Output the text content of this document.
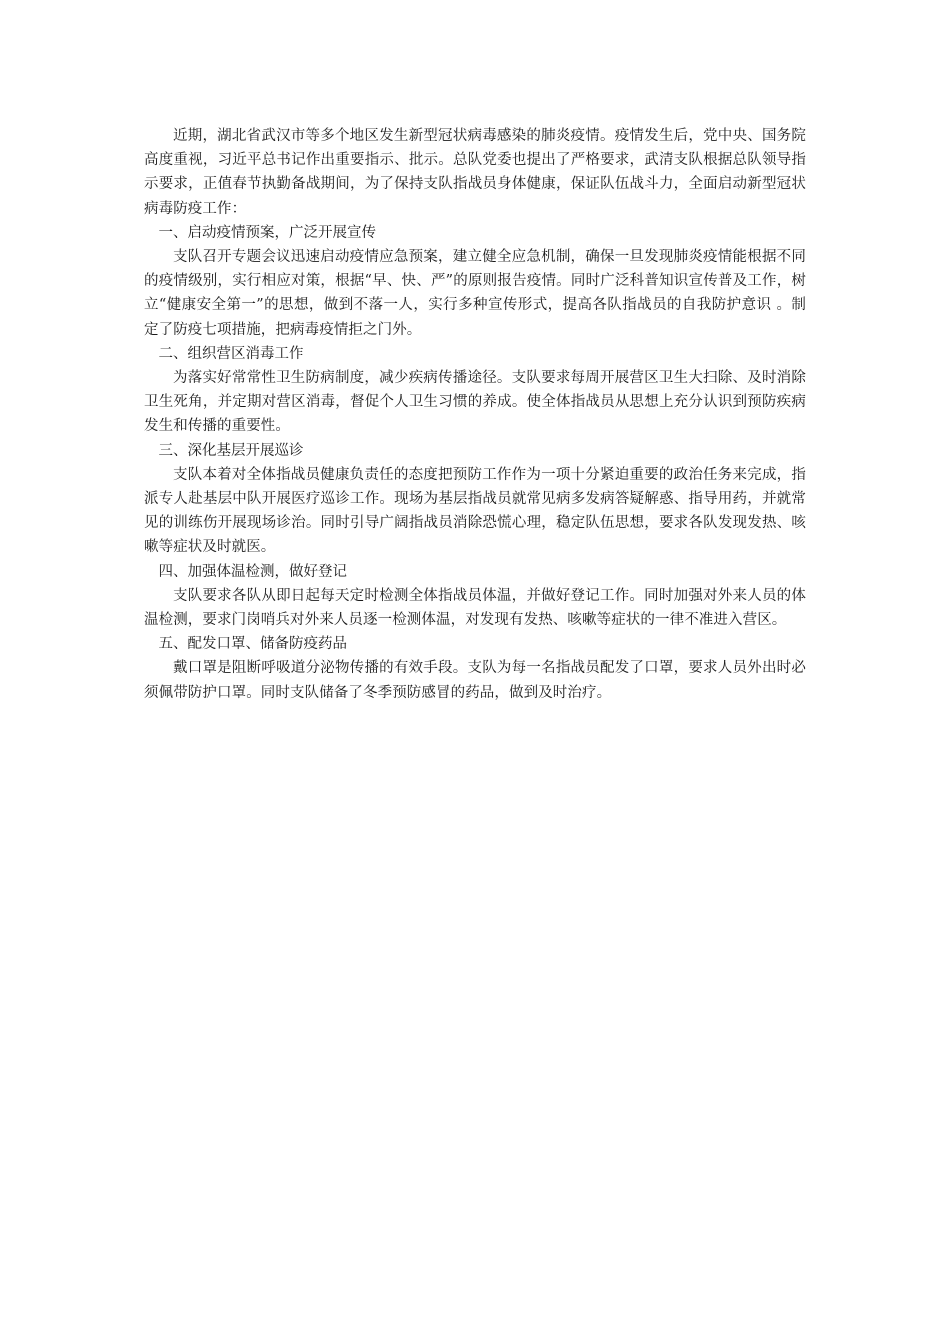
近期，湖北省武汉市等多个地区发生新型冠状病毒感染的肺炎疫情。疫情发生后，党中央、国务院高度重视，习近平总书记作出重要指示、批示。总队党委也提出了严格要求，武清支队根据总队领导指示要求，正值春节执勤备战期间，为了保持支队指战员身体健康，保证队伍战斗力，全面启动新型冠状病毒防疫工作：

一、启动疫情预案，广泛开展宣传

支队召开专题会议迅速启动疫情应急预案，建立健全应急机制，确保一旦发现肺炎疫情能根据不同的疫情级别，实行相应对策，根据“早、快、严”的原则报告疫情。同时广泛科普知识宣传普及工作，树立“健康安全第一”的思想，做到不落一人，实行多种宣传形式，提高各队指战员的自我防护意识 。制定了防疫七项措施，把病毒疫情拒之门外。

二、组织营区消毒工作

为落实好常常性卫生防病制度，减少疾病传播途径。支队要求每周开展营区卫生大扫除、及时消除卫生死角，并定期对营区消毒，督促个人卫生习惯的养成。使全体指战员从思想上充分认识到预防疾病发生和传播的重要性。

三、深化基层开展巡诊

支队本着对全体指战员健康负责任的态度把预防工作作为一项十分紧迫重要的政治任务来完成，指派专人赴基层中队开展医疗巡诊工作。现场为基层指战员就常见病多发病答疑解惑、指导用药，并就常见的训练伤开展现场诊治。同时引导广阔指战员消除恐慌心理，稳定队伍思想，要求各队发现发热、咳嗽等症状及时就医。

四、加强体温检测，做好登记

支队要求各队从即日起每天定时检测全体指战员体温，并做好登记工作。同时加强对外来人员的体温检测，要求门岗哨兵对外来人员逐一检测体温，对发现有发热、咳嗽等症状的一律不准进入营区。

五、配发口罩、储备防疫药品

戴口罩是阻断呼吸道分泌物传播的有效手段。支队为每一名指战员配发了口罩，要求人员外出时必须佩带防护口罩。同时支队储备了冬季预防感冒的药品，做到及时治疗。
